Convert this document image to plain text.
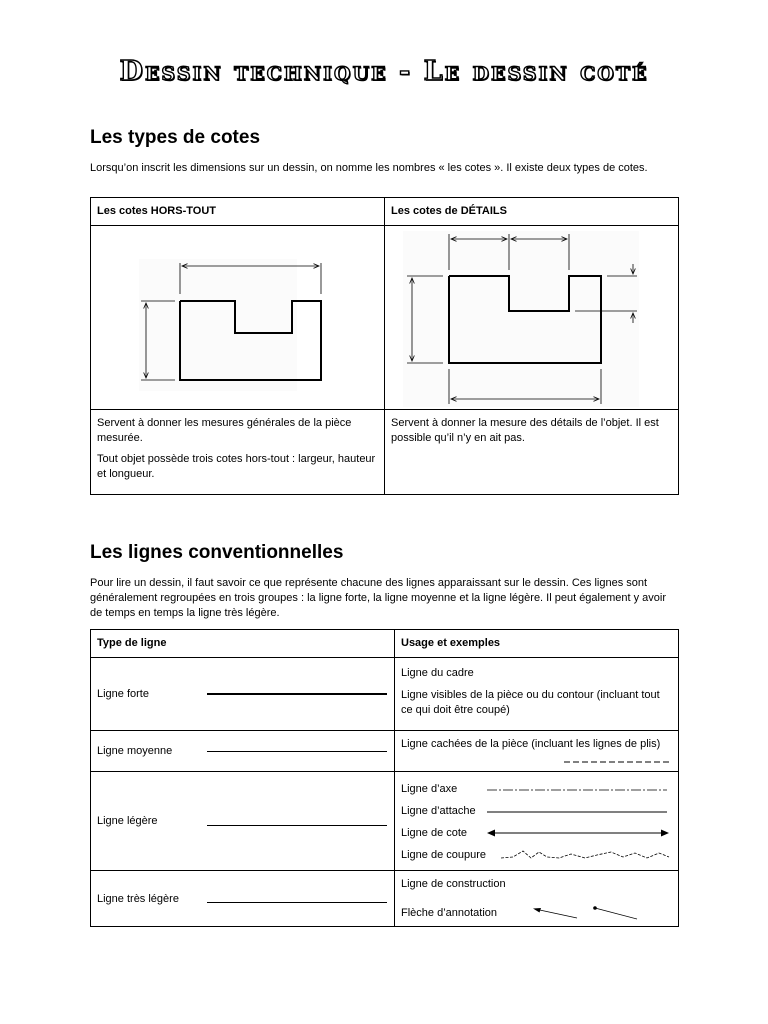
Dessin technique - Le dessin coté
Les types de cotes
Lorsqu’on inscrit les dimensions sur un dessin, on nomme les nombres « les cotes ». Il existe deux types de cotes.
Les cotes HORS-TOUT	Les cotes de DÉTAILS

Servent à donner les mesures générales de la pièce mesurée.

Tout objet possède trois cotes hors-tout : largeur, hauteur et longueur.	Servent à donner la mesure des détails de l’objet. Il est possible qu’il n’y en ait pas.

Les lignes conventionnelles
Pour lire un dessin, il faut savoir ce que représente chacune des lignes apparaissant sur le dessin. Ces lignes sont généralement regroupées en trois groupes : la ligne forte, la ligne moyenne et la ligne légère. Il peut également y avoir de temps en temps la ligne très légère.
Type de ligne	Usage et exemples

Ligne forte	Ligne du cadre

Ligne visibles de la pièce ou du contour (incluant tout ce qui doit être coupé)

Ligne moyenne	Ligne cachées de la pièce (incluant les lignes de plis)

Ligne légère	Ligne d’axe
Ligne d’attache
Ligne de cote
Ligne de coupure

Ligne très légère	Ligne de construction
Flèche d’annotation
